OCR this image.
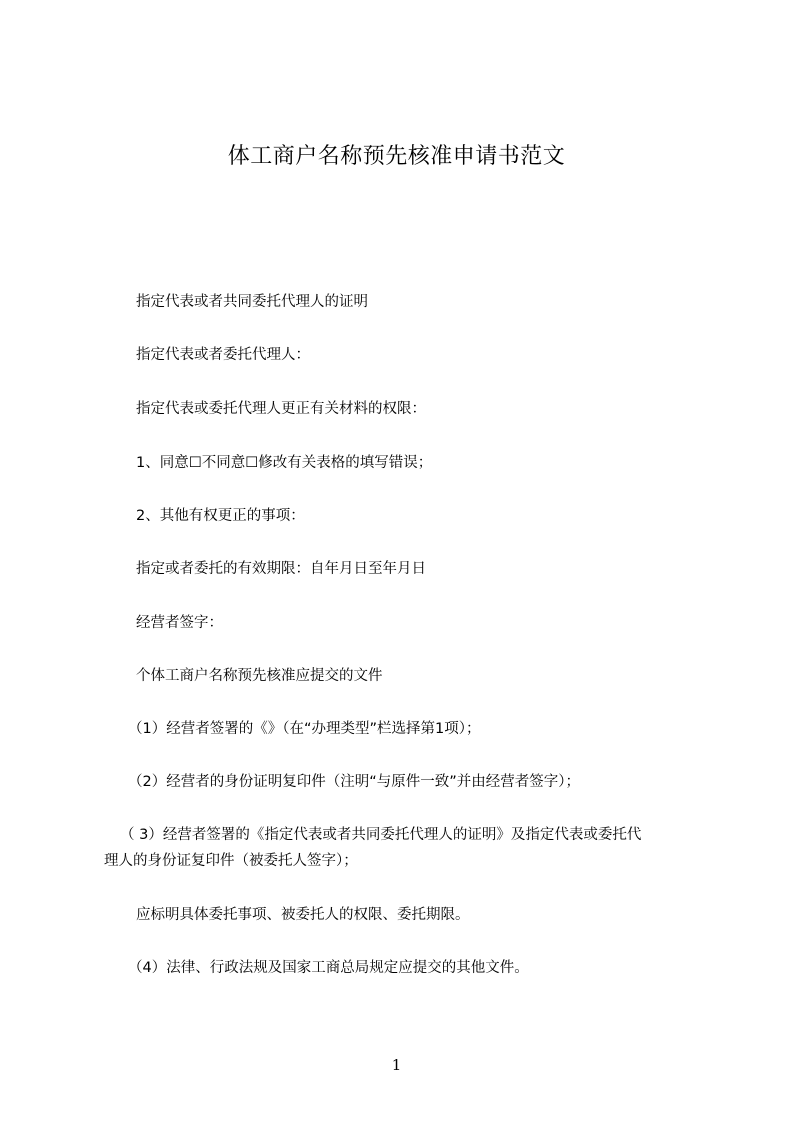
体工商户名称预先核准申请书范文
指定代表或者共同委托代理人的证明
指定代表或者委托代理人：
指定代表或委托代理人更正有关材料的权限：
1、同意☐不同意☐修改有关表格的填写错误；
2、其他有权更正的事项：
指定或者委托的有效期限：自年月日至年月日
经营者签字：
个体工商户名称预先核准应提交的文件
（1）经营者签署的《》（在“办理类型”栏选择第1项）；
（2）经营者的身份证明复印件（注明“与原件一致”并由经营者签字）；
（ 3）经营者签署的《指定代表或者共同委托代理人的证明》及指定代表或委托代
理人的身份证复印件（被委托人签字）；
应标明具体委托事项、被委托人的权限、委托期限。
（4）法律、行政法规及国家工商总局规定应提交的其他文件。
1
